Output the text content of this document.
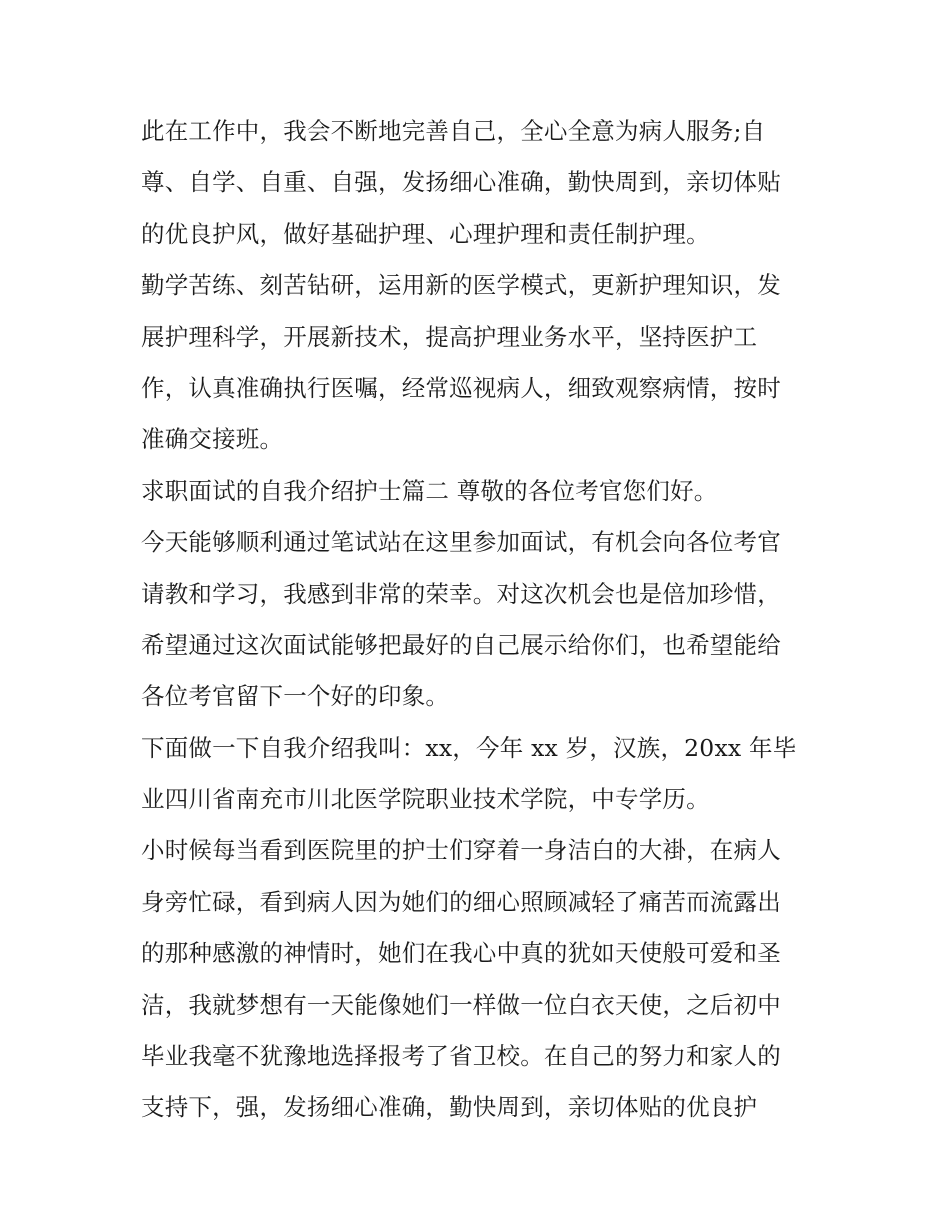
此在工作中，我会不断地完善自己，全心全意为病人服务;自
尊、自学、自重、自强，发扬细心准确，勤快周到，亲切体贴
的优良护风，做好基础护理、心理护理和责任制护理。
勤学苦练、刻苦钻研，运用新的医学模式，更新护理知识，发
展护理科学，开展新技术，提高护理业务水平，坚持医护工
作，认真准确执行医嘱，经常巡视病人，细致观察病情，按时
准确交接班。
求职面试的自我介绍护士篇二 尊敬的各位考官您们好。
今天能够顺利通过笔试站在这里参加面试，有机会向各位考官
请教和学习，我感到非常的荣幸。对这次机会也是倍加珍惜，
希望通过这次面试能够把最好的自己展示给你们，也希望能给
各位考官留下一个好的印象。
下面做一下自我介绍我叫：xx，今年 xx 岁，汉族，20xx 年毕
业四川省南充市川北医学院职业技术学院，中专学历。
小时候每当看到医院里的护士们穿着一身洁白的大褂，在病人
身旁忙碌，看到病人因为她们的细心照顾减轻了痛苦而流露出
的那种感激的神情时，她们在我心中真的犹如天使般可爱和圣
洁，我就梦想有一天能像她们一样做一位白衣天使，之后初中
毕业我毫不犹豫地选择报考了省卫校。在自己的努力和家人的
支持下，强，发扬细心准确，勤快周到，亲切体贴的优良护
